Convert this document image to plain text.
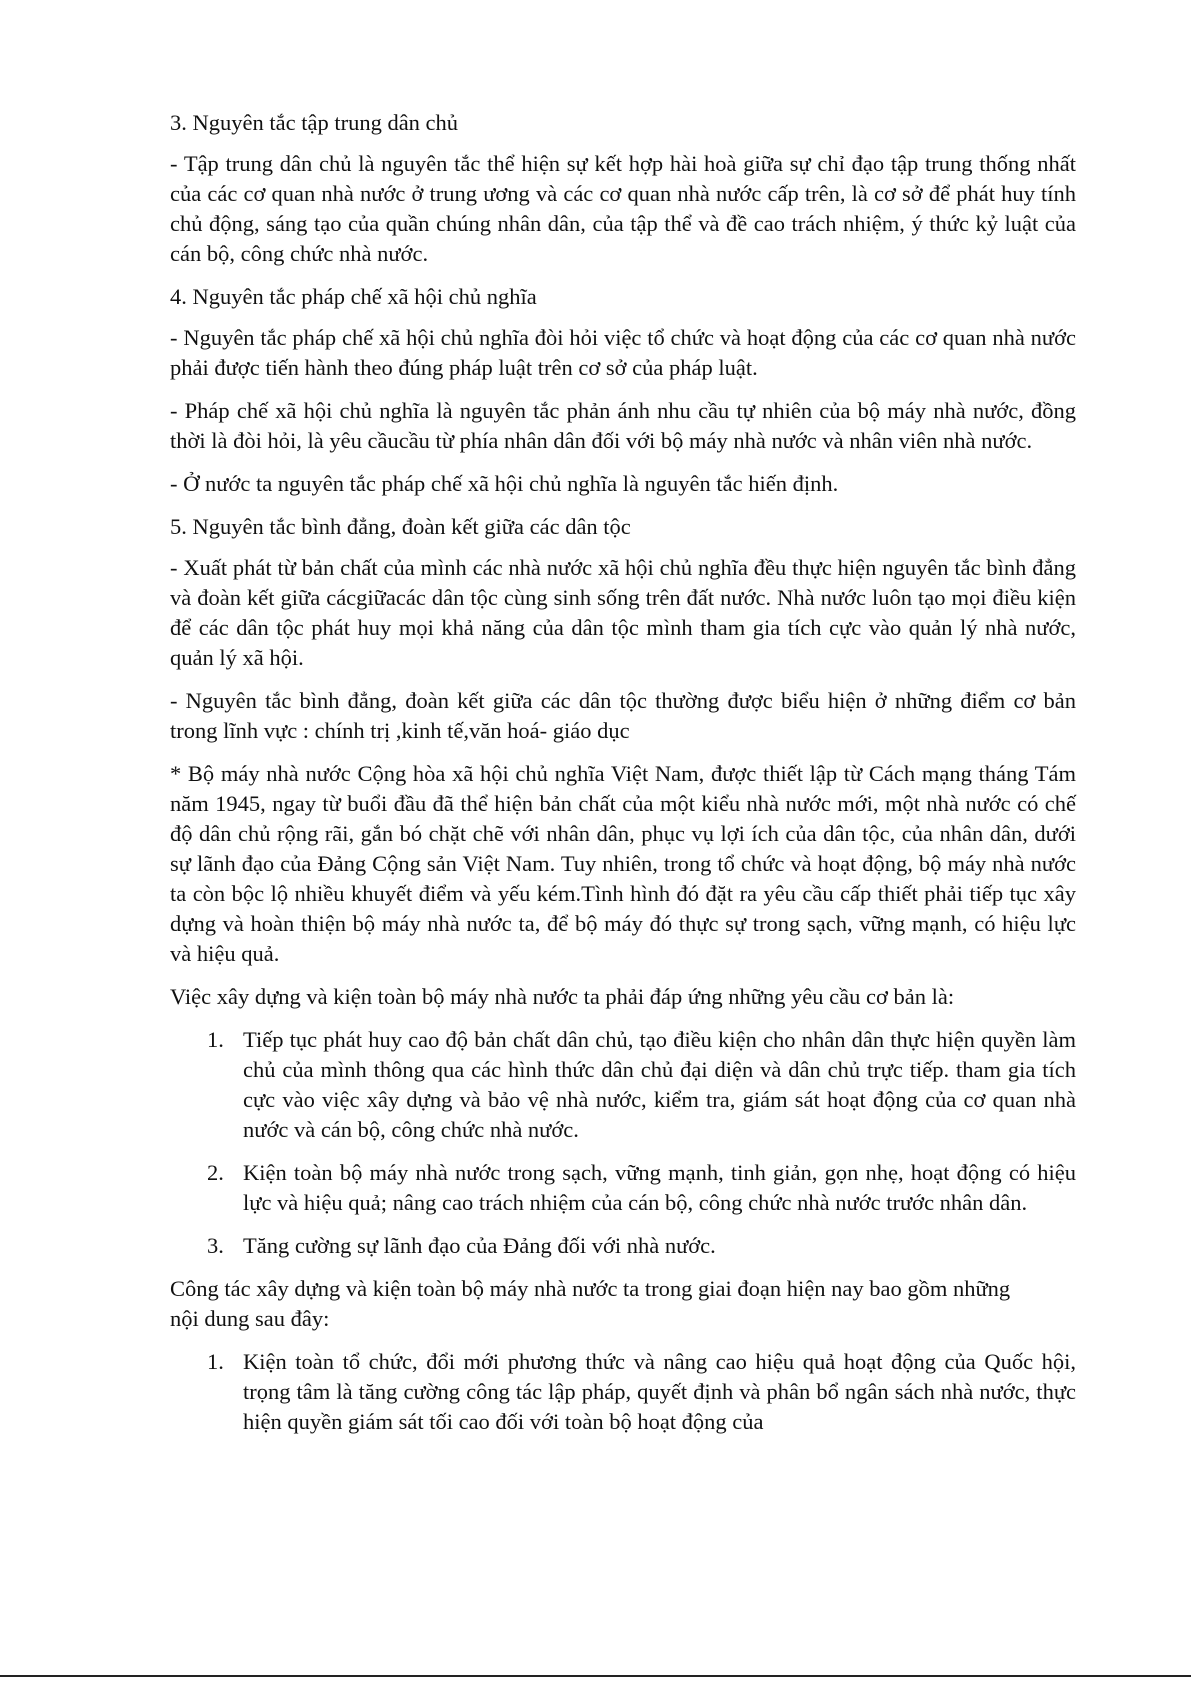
3. Nguyên tắc tập trung dân chủ
- Tập trung dân chủ là nguyên tắc thể hiện sự kết hợp hài hoà giữa sự chỉ đạo tập trung thống nhất của các cơ quan nhà nước ở trung ương và các cơ quan nhà nước cấp trên, là cơ sở để phát huy tính chủ động, sáng tạo của quần chúng nhân dân, của tập thể và đề cao trách nhiệm, ý thức kỷ luật của cán bộ, công chức nhà nước.
4. Nguyên tắc pháp chế xã hội chủ nghĩa
- Nguyên tắc pháp chế xã hội chủ nghĩa đòi hỏi việc tổ chức và hoạt động của các cơ quan nhà nước phải được tiến hành theo đúng pháp luật trên cơ sở của pháp luật.
- Pháp chế xã hội chủ nghĩa là nguyên tắc phản ánh nhu cầu tự nhiên của bộ máy nhà nước, đồng thời là đòi hỏi, là yêu cầucầu từ phía nhân dân đối với bộ máy nhà nước và nhân viên nhà nước.
- Ở nước ta nguyên tắc pháp chế xã hội chủ nghĩa là nguyên tắc hiến định.
5. Nguyên tắc bình đẳng, đoàn kết giữa các dân tộc
- Xuất phát từ bản chất của mình các nhà nước xã hội chủ nghĩa đều thực hiện nguyên tắc bình đẳng và đoàn kết giữa cácgiữacác dân tộc cùng sinh sống trên đất nước. Nhà nước luôn tạo mọi điều kiện để các dân tộc phát huy mọi khả năng của dân tộc mình tham gia tích cực vào quản lý nhà nước, quản lý xã hội.
- Nguyên tắc bình đẳng, đoàn kết giữa các dân tộc thường được biểu hiện ở những điểm cơ bản trong lĩnh vực : chính trị ,kinh tế,văn hoá- giáo dục
* Bộ máy nhà nước Cộng hòa xã hội chủ nghĩa Việt Nam, được thiết lập từ Cách mạng tháng Tám năm 1945, ngay từ buổi đầu đã thể hiện bản chất của một kiểu nhà nước mới, một nhà nước có chế độ dân chủ rộng rãi, gắn bó chặt chẽ với nhân dân, phục vụ lợi ích của dân tộc, của nhân dân, dưới sự lãnh đạo của Đảng Cộng sản Việt Nam. Tuy nhiên, trong tổ chức và hoạt động, bộ máy nhà nước ta còn bộc lộ nhiều khuyết điểm và yếu kém.Tình hình đó đặt ra yêu cầu cấp thiết phải tiếp tục xây dựng và hoàn thiện bộ máy nhà nước ta, để bộ máy đó thực sự trong sạch, vững mạnh, có hiệu lực và hiệu quả.
Việc xây dựng và kiện toàn bộ máy nhà nước ta phải đáp ứng những yêu cầu cơ bản là:
1. Tiếp tục phát huy cao độ bản chất dân chủ, tạo điều kiện cho nhân dân thực hiện quyền làm chủ của mình thông qua các hình thức dân chủ đại diện và dân chủ trực tiếp. tham gia tích cực vào việc xây dựng và bảo vệ nhà nước, kiểm tra, giám sát hoạt động của cơ quan nhà nước và cán bộ, công chức nhà nước.
2. Kiện toàn bộ máy nhà nước trong sạch, vững mạnh, tinh giản, gọn nhẹ, hoạt động có hiệu lực và hiệu quả; nâng cao trách nhiệm của cán bộ, công chức nhà nước trước nhân dân.
3. Tăng cường sự lãnh đạo của Đảng đối với nhà nước.
Công tác xây dựng và kiện toàn bộ máy nhà nước ta trong giai đoạn hiện nay bao gồm những nội dung sau đây:
1. Kiện toàn tổ chức, đổi mới phương thức và nâng cao hiệu quả hoạt động của Quốc hội, trọng tâm là tăng cường công tác lập pháp, quyết định và phân bổ ngân sách nhà nước, thực hiện quyền giám sát tối cao đối với toàn bộ hoạt động của
